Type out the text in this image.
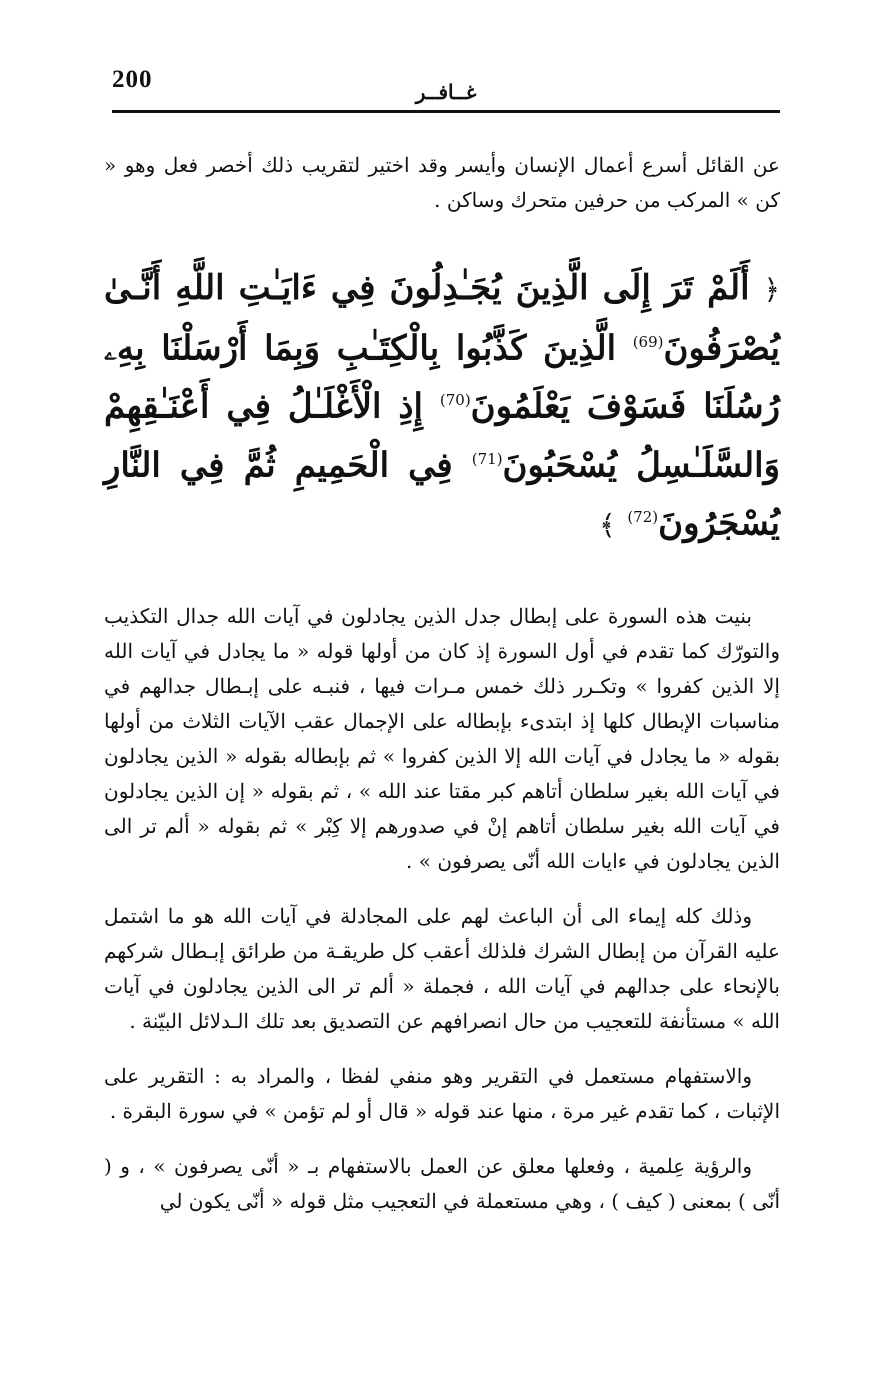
200	غــافــر

عن القائل أسرع أعمال الإنسان وأيسر وقد اختير لتقريب ذلك أخصر فعل وهو « كن » المركب من حرفين متحرك وساكن .

﴿ أَلَمْ تَرَ إِلَى الَّذِينَ يُجَـٰدِلُونَ فِي ءَايَـٰتِ اللَّهِ أَنَّـىٰ يُصْرَفُونَ$^{(69)}$ الَّذِينَ كَذَّبُوا بِالْكِتَـٰبِ وَبِمَا أَرْسَلْنَا بِهِۦ رُسُلَنَا فَسَوْفَ يَعْلَمُونَ$^{(70)}$ إِذِ الْأَغْلَـٰلُ فِي أَعْنَـٰقِهِمْ وَالسَّلَـٰسِلُ يُسْحَبُونَ$^{(71)}$ فِي الْحَمِيمِ ثُمَّ فِي النَّارِ يُسْجَرُونَ$^{(72)}$ ﴾

بنيت هذه السورة على إبطال جدل الذين يجادلون في آيات الله جدال التكذيب والتورّك كما تقدم في أول السورة إذ كان من أولها قوله « ما يجادل في آيات الله إلا الذين كفروا » وتكـرر ذلك خمس مـرات فيها ، فنبـه على إبـطال جدالهم في مناسبات الإبطال كلها إذ ابتدىء بإبطاله على الإجمال عقب الآيات الثلاث من أولها بقوله « ما يجادل في آيات الله إلا الذين كفروا » ثم بإبطاله بقوله « الذين يجادلون في آيات الله بغير سلطان أتاهم كبر مقتا عند الله » ، ثم بقوله « إن الذين يجادلون في آيات الله بغير سلطان أتاهم إنْ في صدورهم إلا كِبْر » ثم بقوله « ألم تر الى الذين يجادلون في ءايات الله أنّى يصرفون » .

وذلك كله إيماء الى أن الباعث لهم على المجادلة في آيات الله هو ما اشتمل عليه القرآن من إبطال الشرك فلذلك أعقب كل طريقـة من طرائق إبـطال شركهم بالإنحاء على جدالهم في آيات الله ، فجملة « ألم تر الى الذين يجادلون في آيات الله » مستأنفة للتعجيب من حال انصرافهم عن التصديق بعد تلك الـدلائل البيّنة .

والاستفهام مستعمل في التقرير وهو منفي لفظا ، والمراد به : التقرير على الإثبات ، كما تقدم غير مرة ، منها عند قوله « قال أو لم تؤمن » في سورة البقرة .

والرؤية عِلمية ، وفعلها معلق عن العمل بالاستفهام بـ « أنّى يصرفون » ، و ( أنّى ) بمعنى ( كيف ) ، وهي مستعملة في التعجيب مثل قوله « أنّى يكون لي
